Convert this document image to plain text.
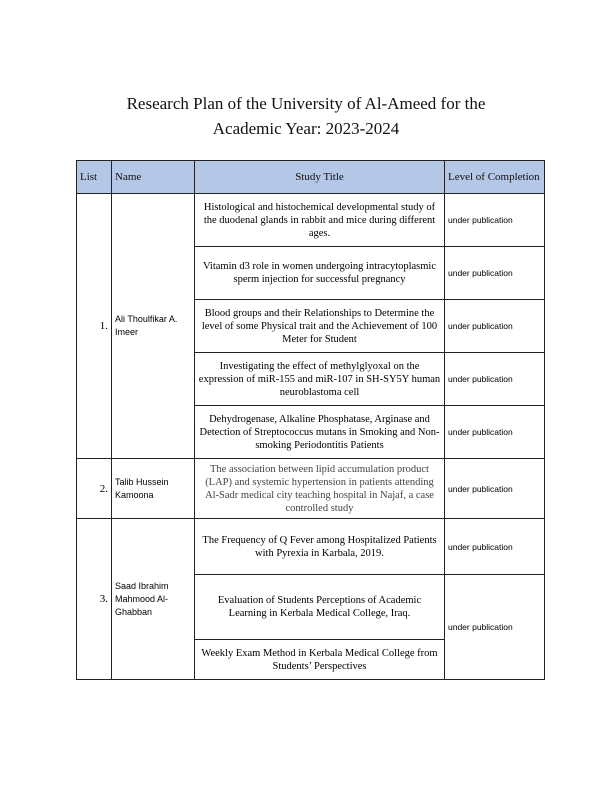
Research Plan of the University of Al-Ameed for the
Academic Year: 2023-2024
List	Name	Study Title	Level of Completion
1.	Ali Thoulfikar A. Imeer	Histological and histochemical developmental study of the duodenal glands in rabbit and mice during different ages.	under publication
		Vitamin d3 role in women undergoing intracytoplasmic sperm injection for successful pregnancy	under publication
		Blood groups and their Relationships to Determine the level of some Physical trait and the Achievement of 100 Meter for Student	under publication
		Investigating the effect of methylglyoxal on the expression of miR-155 and miR-107 in SH-SY5Y human neuroblastoma cell	under publication
		Dehydrogenase, Alkaline Phosphatase, Arginase and Detection of Streptococcus mutans in Smoking and Non-smoking Periodontitis Patients	under publication
2.	Talib Hussein Kamoona	The association between lipid accumulation product (LAP) and systemic hypertension in patients attending Al-Sadr medical city teaching hospital in Najaf, a case controlled study	under publication
3.	Saad Ibrahim Mahmood Al-Ghabban	The Frequency of Q Fever among Hospitalized Patients with Pyrexia in Karbala, 2019.	under publication
		Evaluation of Students Perceptions of Academic Learning in Kerbala Medical College, Iraq.	under publication
		Weekly Exam Method in Kerbala Medical College from Students’ Perspectives	
